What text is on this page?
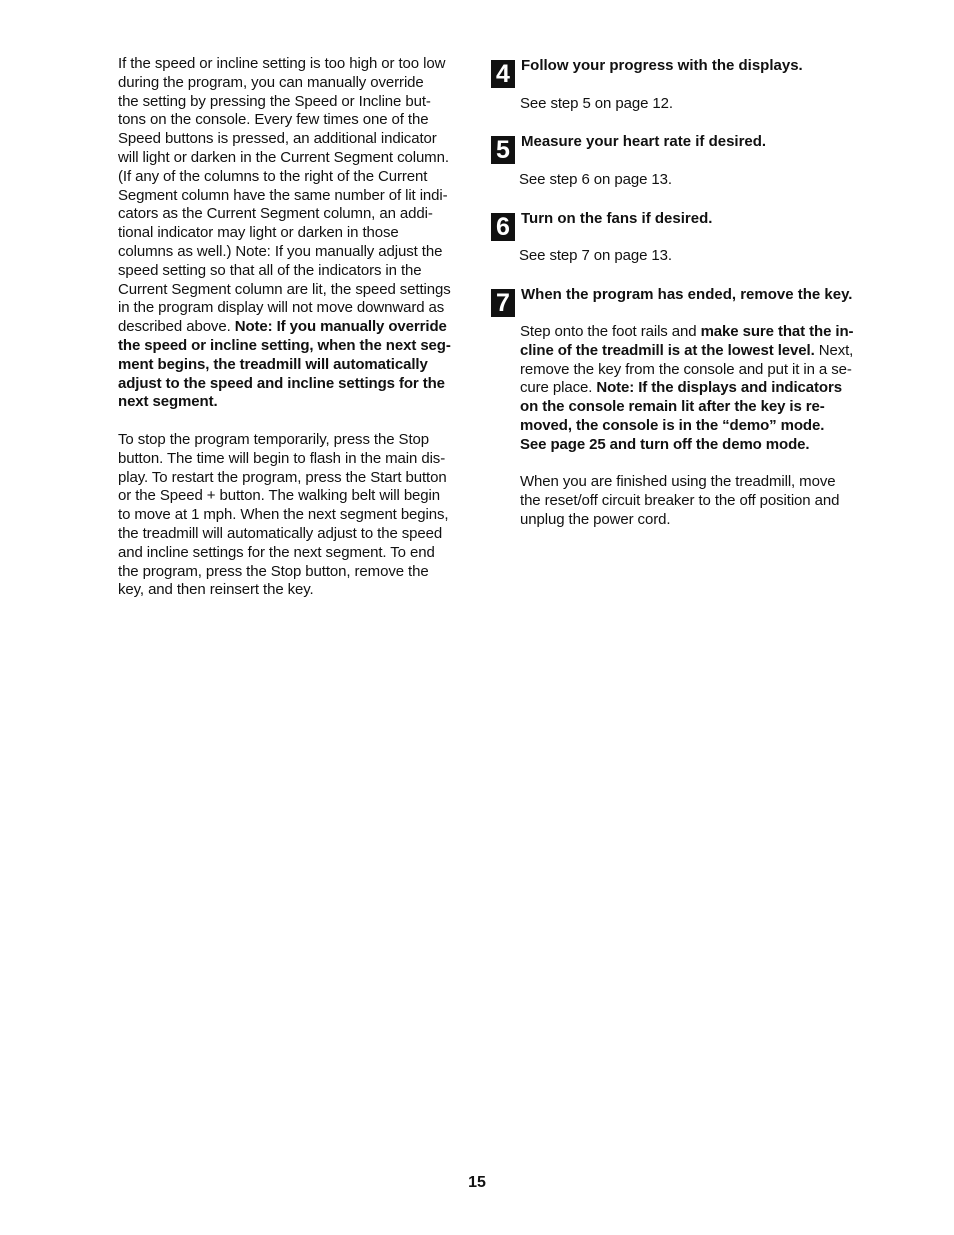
If the speed or incline setting is too high or too low
during the program, you can manually override
the setting by pressing the Speed or Incline but-
tons on the console. Every few times one of the
Speed buttons is pressed, an additional indicator
will light or darken in the Current Segment column.
(If any of the columns to the right of the Current
Segment column have the same number of lit indi-
cators as the Current Segment column, an addi-
tional indicator may light or darken in those
columns as well.) Note: If you manually adjust the
speed setting so that all of the indicators in the
Current Segment column are lit, the speed settings
in the program display will not move downward as
described above. Note: If you manually override
the speed or incline setting, when the next seg-
ment begins, the treadmill will automatically
adjust to the speed and incline settings for the
next segment.

To stop the program temporarily, press the Stop
button. The time will begin to flash in the main dis-
play. To restart the program, press the Start button
or the Speed + button. The walking belt will begin
to move at 1 mph. When the next segment begins,
the treadmill will automatically adjust to the speed
and incline settings for the next segment. To end
the program, press the Stop button, remove the
key, and then reinsert the key.

4 Follow your progress with the displays.
See step 5 on page 12.
5 Measure your heart rate if desired.
See step 6 on page 13.
6 Turn on the fans if desired.
See step 7 on page 13.
7 When the program has ended, remove the key.

Step onto the foot rails and make sure that the in-
cline of the treadmill is at the lowest level. Next,
remove the key from the console and put it in a se-
cure place. Note: If the displays and indicators
on the console remain lit after the key is re-
moved, the console is in the “demo” mode.
See page 25 and turn off the demo mode.

When you are finished using the treadmill, move
the reset/off circuit breaker to the off position and
unplug the power cord.

15
